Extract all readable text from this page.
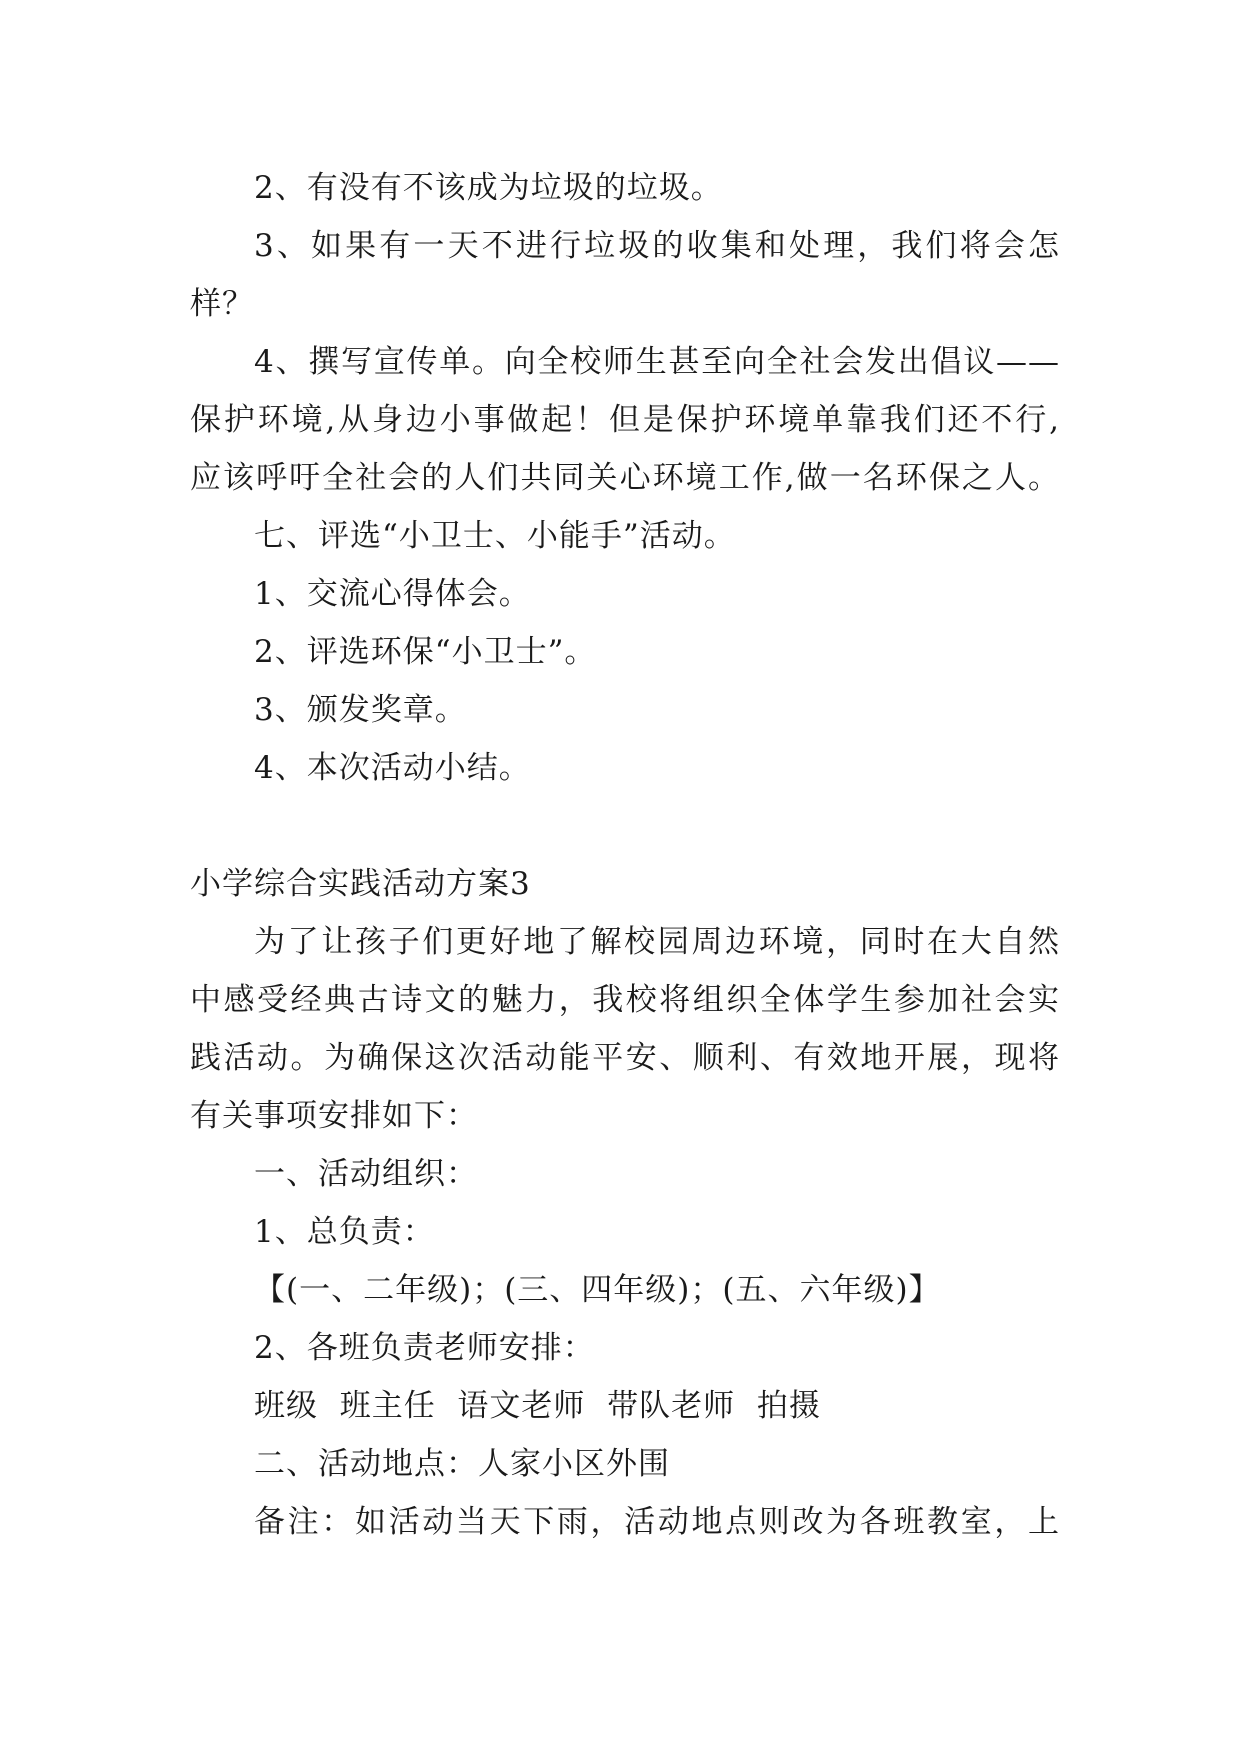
2、有没有不该成为垃圾的垃圾。
3、如果有一天不进行垃圾的收集和处理，我们将会怎
样？
4、撰写宣传单。向全校师生甚至向全社会发出倡议——
保护环境,从身边小事做起！但是保护环境单靠我们还不行,
应该呼吁全社会的人们共同关心环境工作,做一名环保之人。
七、评选“小卫士、小能手”活动。
1、交流心得体会。
2、评选环保“小卫士”。
3、颁发奖章。
4、本次活动小结。
小学综合实践活动方案3
为了让孩子们更好地了解校园周边环境，同时在大自然
中感受经典古诗文的魅力，我校将组织全体学生参加社会实
践活动。为确保这次活动能平安、顺利、有效地开展，现将
有关事项安排如下：
一、活动组织：
1、总负责：
【(一、二年级)；(三、四年级)；(五、六年级)】
2、各班负责老师安排：
班级  班主任  语文老师  带队老师  拍摄
二、活动地点：人家小区外围
备注：如活动当天下雨，活动地点则改为各班教室，上
